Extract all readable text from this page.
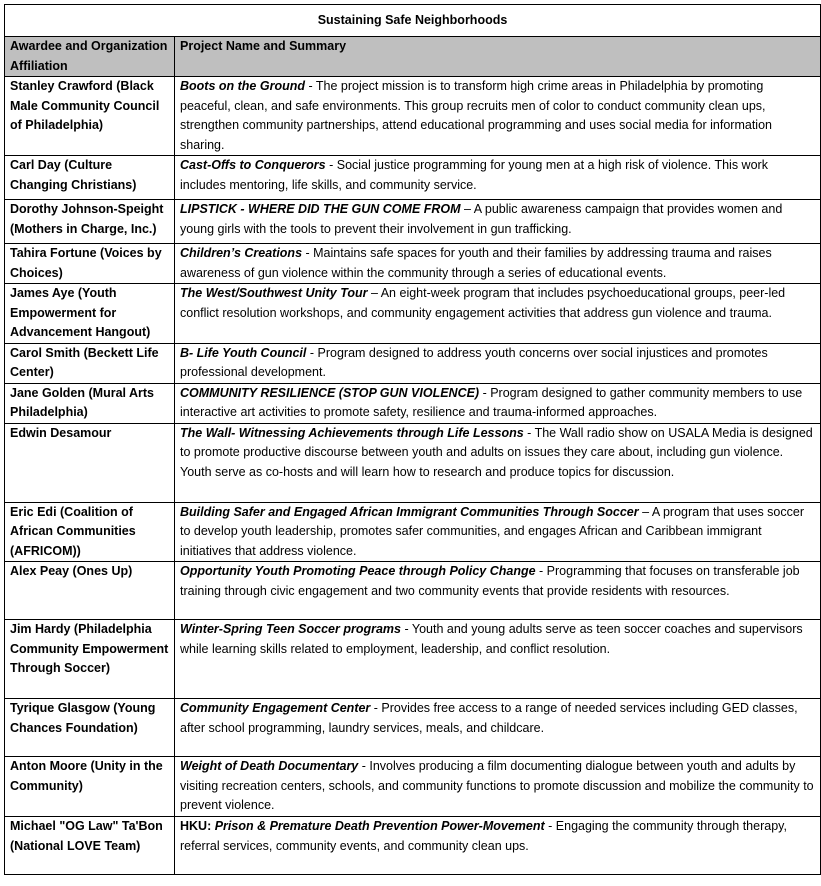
Sustaining Safe Neighborhoods	
Awardee and Organization Affiliation	Project Name and Summary
Stanley Crawford (Black Male Community Council of Philadelphia)	Boots on the Ground - The project mission is to transform high crime areas in Philadelphia by promoting peaceful, clean, and safe environments. This group recruits men of color to conduct community clean ups, strengthen community partnerships, attend educational programming and uses social media for information sharing.
Carl Day (Culture Changing Christians)	Cast-Offs to Conquerors - Social justice programming for young men at a high risk of violence. This work includes mentoring, life skills, and community service.
Dorothy Johnson-Speight (Mothers in Charge, Inc.)	LIPSTICK - WHERE DID THE GUN COME FROM – A public awareness campaign that provides women and young girls with the tools to prevent their involvement in gun trafficking.
Tahira Fortune (Voices by Choices)	Children’s Creations - Maintains safe spaces for youth and their families by addressing trauma and raises awareness of gun violence within the community through a series of educational events.
James Aye (Youth Empowerment for Advancement Hangout)	The West/Southwest Unity Tour – An eight-week program that includes psychoeducational groups, peer-led conflict resolution workshops, and community engagement activities that address gun violence and trauma.
Carol Smith (Beckett Life Center)	B- Life Youth Council - Program designed to address youth concerns over social injustices and promotes professional development.
Jane Golden (Mural Arts Philadelphia)	COMMUNITY RESILIENCE (STOP GUN VIOLENCE) - Program designed to gather community members to use interactive art activities to promote safety, resilience and trauma-informed approaches.
Edwin Desamour	The Wall- Witnessing Achievements through Life Lessons - The Wall radio show on USALA Media is designed to promote productive discourse between youth and adults on issues they care about, including gun violence. Youth serve as co-hosts and will learn how to research and produce topics for discussion.
Eric Edi (Coalition of African Communities (AFRICOM))	Building Safer and Engaged African Immigrant Communities Through Soccer – A program that uses soccer to develop youth leadership, promotes safer communities, and engages African and Caribbean immigrant initiatives that address violence.
Alex Peay (Ones Up)	Opportunity Youth Promoting Peace through Policy Change - Programming that focuses on transferable job training through civic engagement and two community events that provide residents with resources.
Jim Hardy (Philadelphia Community Empowerment Through Soccer)	Winter-Spring Teen Soccer programs - Youth and young adults serve as teen soccer coaches and supervisors while learning skills related to employment, leadership, and conflict resolution.
Tyrique Glasgow (Young Chances Foundation)	Community Engagement Center - Provides free access to a range of needed services including GED classes, after school programming, laundry services, meals, and childcare.
Anton Moore (Unity in the Community)	Weight of Death Documentary - Involves producing a film documenting dialogue between youth and adults by visiting recreation centers, schools, and community functions to promote discussion and mobilize the community to prevent violence.
Michael "OG Law" Ta'Bon (National LOVE Team)	HKU: Prison & Premature Death Prevention Power-Movement - Engaging the community through therapy, referral services, community events, and community clean ups.
